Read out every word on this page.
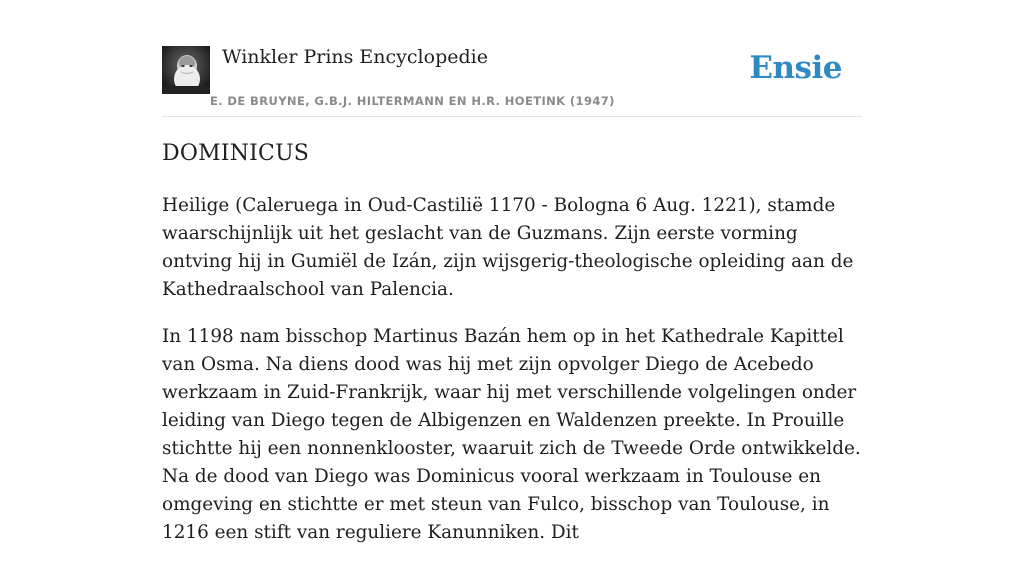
Winkler Prins Encyclopedie
E. DE BRUYNE, G.B.J. HILTERMANN EN H.R. HOETINK (1947)
Ensie
DOMINICUS

Heilige (Caleruega in Oud-Castilië 1170 - Bologna 6 Aug. 1221), stamde waarschijnlijk uit het geslacht van de Guzmans. Zijn eerste vorming ontving hij in Gumiël de Izán, zijn wijsgerig-theologische opleiding aan de Kathedraalschool van Palencia.

In 1198 nam bisschop Martinus Bazán hem op in het Kathedrale Kapittel van Osma. Na diens dood was hij met zijn opvolger Diego de Acebedo werkzaam in Zuid-Frankrijk, waar hij met verschillende volgelingen onder leiding van Diego tegen de Albigenzen en Waldenzen preekte. In Prouille stichtte hij een nonnenklooster, waaruit zich de Tweede Orde ontwikkelde. Na de dood van Diego was Dominicus vooral werkzaam in Toulouse en omgeving en stichtte er met steun van Fulco, bisschop van Toulouse, in 1216 een stift van reguliere Kanunniken. Dit
